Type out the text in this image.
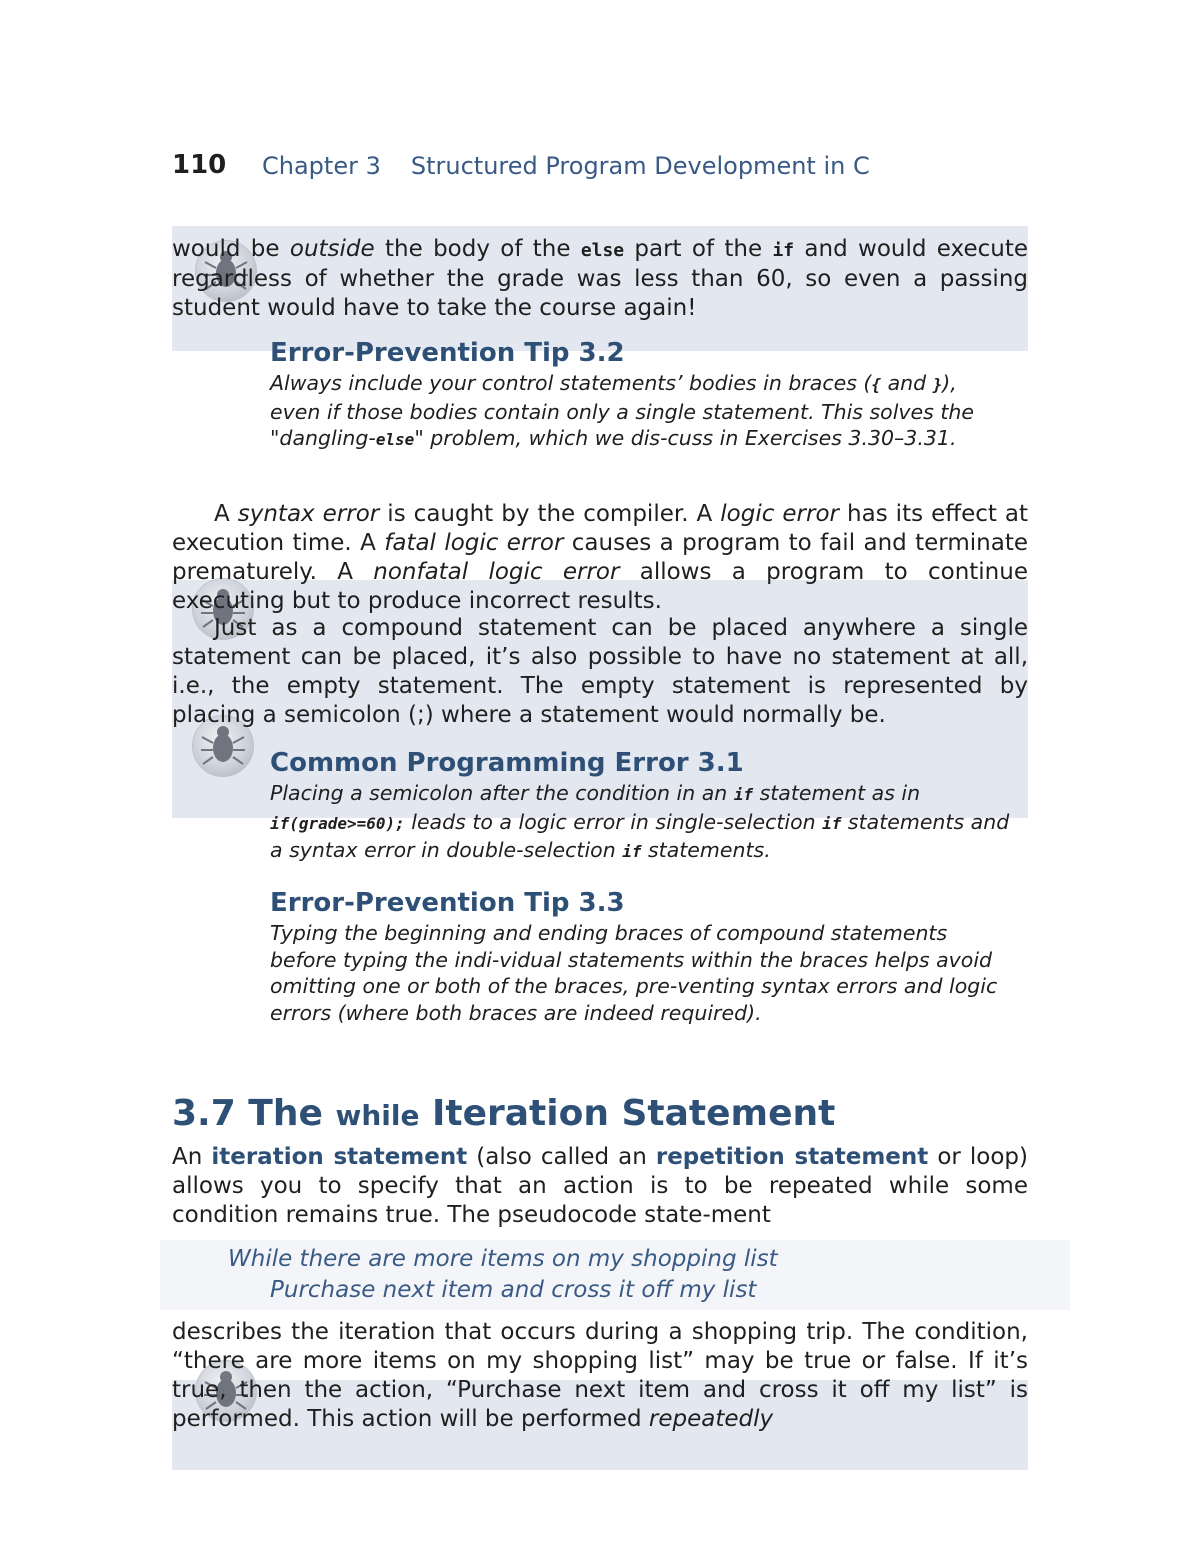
110 Chapter 3 Structured Program Development in C
would be outside the body of the else part of the if and would execute regardless of whether the grade was less than 60, so even a passing student would have to take the course again!
Error-Prevention Tip 3.2
Always include your control statements’ bodies in braces ({ and }), even if those bodies contain only a single statement. This solves the "dangling-else" problem, which we dis-cuss in Exercises 3.30–3.31.
A syntax error is caught by the compiler. A logic error has its effect at execution time. A fatal logic error causes a program to fail and terminate prematurely. A nonfatal logic error allows a program to continue executing but to produce incorrect results.
Just as a compound statement can be placed anywhere a single statement can be placed, it’s also possible to have no statement at all, i.e., the empty statement. The empty statement is represented by placing a semicolon (;) where a statement would normally be.
Common Programming Error 3.1
Placing a semicolon after the condition in an if statement as in if(grade>=60); leads to a logic error in single-selection if statements and a syntax error in double-selection if statements.
Error-Prevention Tip 3.3
Typing the beginning and ending braces of compound statements before typing the indi-vidual statements within the braces helps avoid omitting one or both of the braces, pre-venting syntax errors and logic errors (where both braces are indeed required).
3.7 The while Iteration Statement
An iteration statement (also called an repetition statement or loop) allows you to specify that an action is to be repeated while some condition remains true. The pseudocode state-ment
While there are more items on my shopping list
Purchase next item and cross it off my list
describes the iteration that occurs during a shopping trip. The condition, “there are more items on my shopping list” may be true or false. If it’s true, then the action, “Purchase next item and cross it off my list” is performed. This action will be performed repeatedly
